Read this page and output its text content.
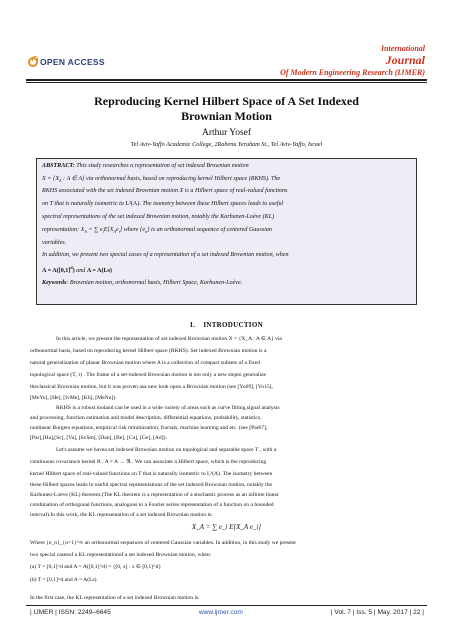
OPEN ACCESS
International
Journal
Of Modern Engineering Research (IJMER)
Reproducing Kernel Hilbert Space of A Set Indexed
Brownian Motion
Arthur Yosef
Tel Aviv-Yaffo Academic College, 2Rabenu Yeruham St., Tel Aviv-Yaffo, Israel
ABSTRACT: This study researches a representation of set indexed Brownian motion
$X = \{X_A$ : A ∈ A} via orthonormal basis, based on reproducing kernel Hilbert space (RKHS). The
RKHS associated with the set indexed Brownian motion X is a Hilbert space of real-valued functions
on T that is naturally isometric to L²(A). The isometry between these Hilbert spaces leads to useful
spectral representations of the set indexed Brownian motion, notably the Karhunen-Loève (KL)
representation: $X_A$ = ∑ $e_iE[X_Ae_i]$ where $\{e_n\}$ is an orthonormal sequence of centered Gaussian
variables.
In addition, we present two special cases of a representation of a set indexed Brownian motion, when
$A = A([0,1]^d)$ and A = A(Ls)
Keywords: Brownian motion, orthonormal basis, Hilbert Space, Karhunen-Loève.
I. INTRODUCTION
In this article, we present the representation of set indexed Brownian motion X = {X_A : A ∈ A} via
orthonormal basis, based on reproducing kernel Hilbert space (RKHS). Set indexed Brownian motion is a
natural generalization of planar Brownian motion where A is a collection of compact subsets of a fixed
topological space (T, τ) . The frame of a set-indexed Brownian motion is not only a new stepto generalize
theclassical Brownian motion, but it was proven asa new look upon a Brownian motion (see [Yo09], [Yo15],
[MeYo], [He], [IvMe], [Kh], [MeNu]).
RKHS is a robust tooland can be used in a wide variety of areas such as curve fitting,signal analysis
and processing, function estimation and model description, differential equations, probability, statistics,
nonlinear Burgers equations, empirical risk minimization, fractals, machine learning and etc. (see [Par67],
[Par],[Ha],[Sc], [Va], [ScSm], [Dan], [Be], [Cu], [Ge], [Ad]).
Let's assume we havea set indexed Brownian motion on topological and separable space T , with a
continuous covariance kernel R : A × A → ℜ . We can associate a Hilbert space, which is the reproducing
kernel Hilbert space of real-valued functions on T that is naturally isometric to L²(A). The isometry between
these Hilbert spaces leads to useful spectral representations of the set indexed Brownian motion, notably the
Karhunen-Loève (KL) theorem.(The KL theorem is a representation of a stochastic process as an infinite linear
combination of orthogonal functions, analogous to a Fourier series representation of a function on a bounded
interval).In this work, the KL representation of a set indexed Brownian motion is:
X_A = ∑ e_i E[X_A e_i]
Where {e_n}_{n=1}^∞ an orthonormal sequences of centered Gaussian variables. In addition, in this study we present
two special casesof a KL representationof a set indexed Brownian motion, when:
(a) T = [0,1]^d and A = A([0,1]^d) = {[0, x] : x ∈ [0,1]^d}
(b) T = [0,1]^d and A = A(Ls)
In the first case, the KL representation of a set indexed Brownian motion is:
| IJMER | ISSN: 2249–6645	www.ijmer.com	| Vol. 7 | Iss. 5 | May. 2017 | 22 |
